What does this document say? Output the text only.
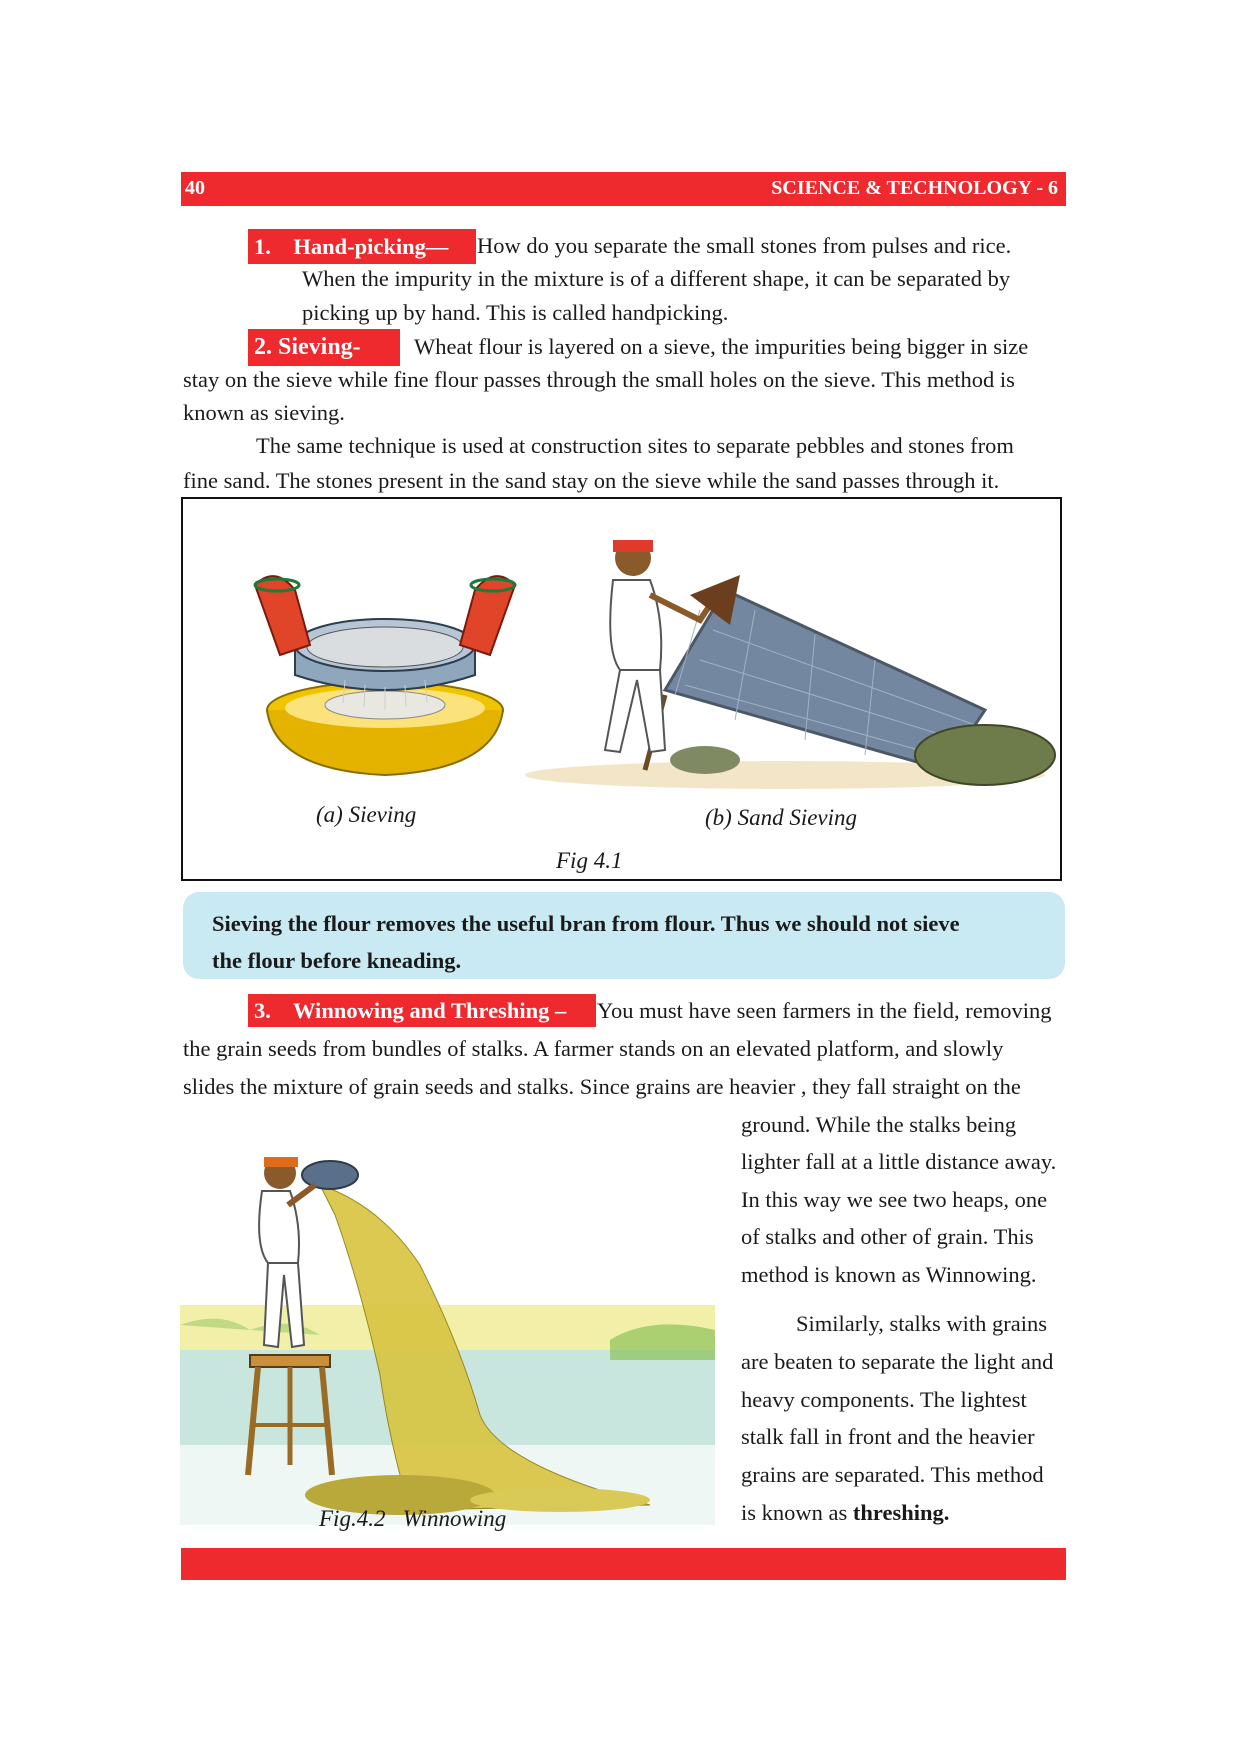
40	SCIENCE & TECHNOLOGY - 6
1.    Hand-picking—	How do you separate the small stones from pulses and rice.
When the impurity in the mixture is of a different shape, it can be separated by
picking up by hand. This is called handpicking.
2. Sieving-	Wheat flour is layered on a sieve, the impurities being bigger in size
stay on the sieve while fine flour passes through the small holes on the sieve. This method is
known as sieving.
The same technique is used at construction sites to separate pebbles and stones from
fine sand. The stones present in the sand stay on the sieve while the sand passes through it.
(a) Sieving	(b) Sand Sieving
Fig 4.1
Sieving the flour removes the useful bran from flour. Thus we should not sieve
the flour before kneading.
3.    Winnowing and Threshing –	You must have seen farmers in the field, removing
the grain seeds from bundles of stalks. A farmer stands on an elevated platform, and slowly
slides the mixture of grain seeds and stalks. Since grains are heavier , they fall straight on the
ground. While the stalks being
lighter fall at a little distance away.
In this way we see two heaps, one
of stalks and other of grain. This
method is known as Winnowing.
Similarly, stalks with grains
are beaten to separate the light and
heavy components. The lightest
stalk fall in front and the heavier
grains are separated. This method
is known as threshing.
Fig.4.2   Winnowing
